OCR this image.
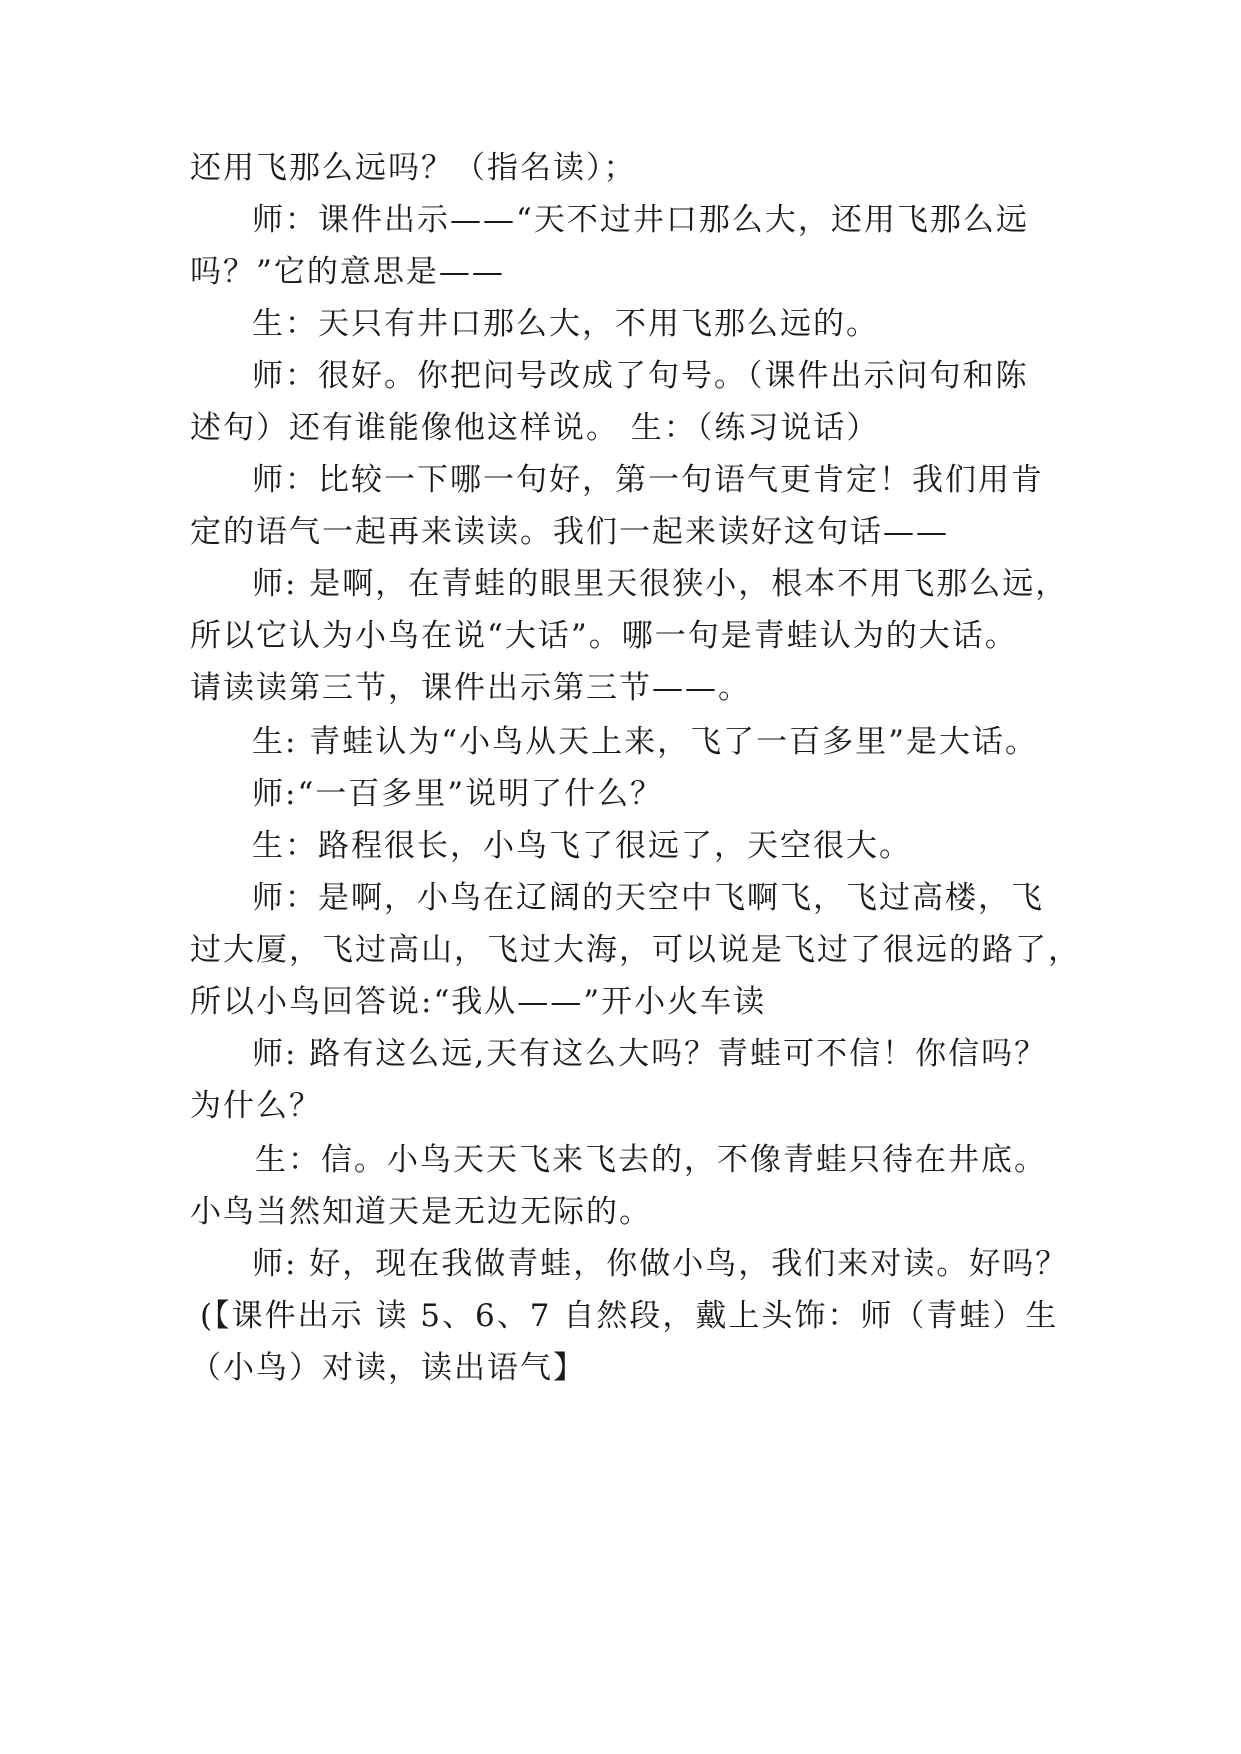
还用飞那么远吗？（指名读）；
师：课件出示——“天不过井口那么大，还用飞那么远
吗？”它的意思是——
生：天只有井口那么大，不用飞那么远的。
师：很好。你把问号改成了句号。（课件出示问句和陈
述句）还有谁能像他这样说。 生：（练习说话）
师：比较一下哪一句好，第一句语气更肯定！我们用肯
定的语气一起再来读读。我们一起来读好这句话——
师: 是啊，在青蛙的眼里天很狭小，根本不用飞那么远，
所以它认为小鸟在说“大话”。哪一句是青蛙认为的大话。
请读读第三节，课件出示第三节——。
生: 青蛙认为“小鸟从天上来，飞了一百多里”是大话。
师:“一百多里”说明了什么？
生：路程很长，小鸟飞了很远了，天空很大。
师：是啊，小鸟在辽阔的天空中飞啊飞，飞过高楼，飞
过大厦，飞过高山，飞过大海，可以说是飞过了很远的路了，
所以小鸟回答说:“我从——”开小火车读
师: 路有这么远,天有这么大吗？青蛙可不信！你信吗？
为什么？
生：信。小鸟天天飞来飞去的，不像青蛙只待在井底。
小鸟当然知道天是无边无际的。
师: 好，现在我做青蛙，你做小鸟，我们来对读。好吗？
(【课件出示 读 5、6、7 自然段，戴上头饰：师（青蛙）生
（小鸟）对读，读出语气】
